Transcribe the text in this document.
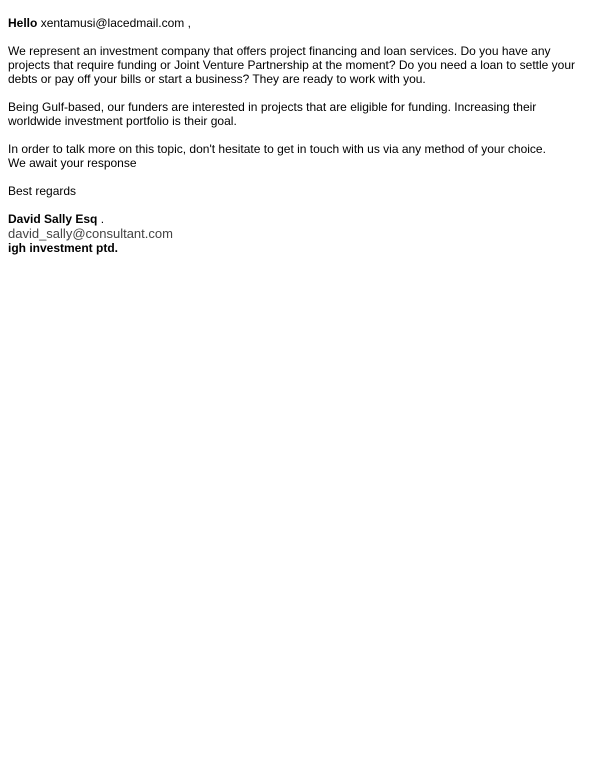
Hello xentamusi@lacedmail.com ,

We represent an investment company that offers project financing and loan services. Do you have any projects that require funding or Joint Venture Partnership at the moment? Do you need a loan to settle your debts or pay off your bills or start a business? They are ready to work with you.

Being Gulf-based, our funders are interested in projects that are eligible for funding. Increasing their worldwide investment portfolio is their goal.

In order to talk more on this topic, don't hesitate to get in touch with us via any method of your choice.

We await your response

Best regards

David Sally Esq .

david_sally@consultant.com

igh investment ptd.
